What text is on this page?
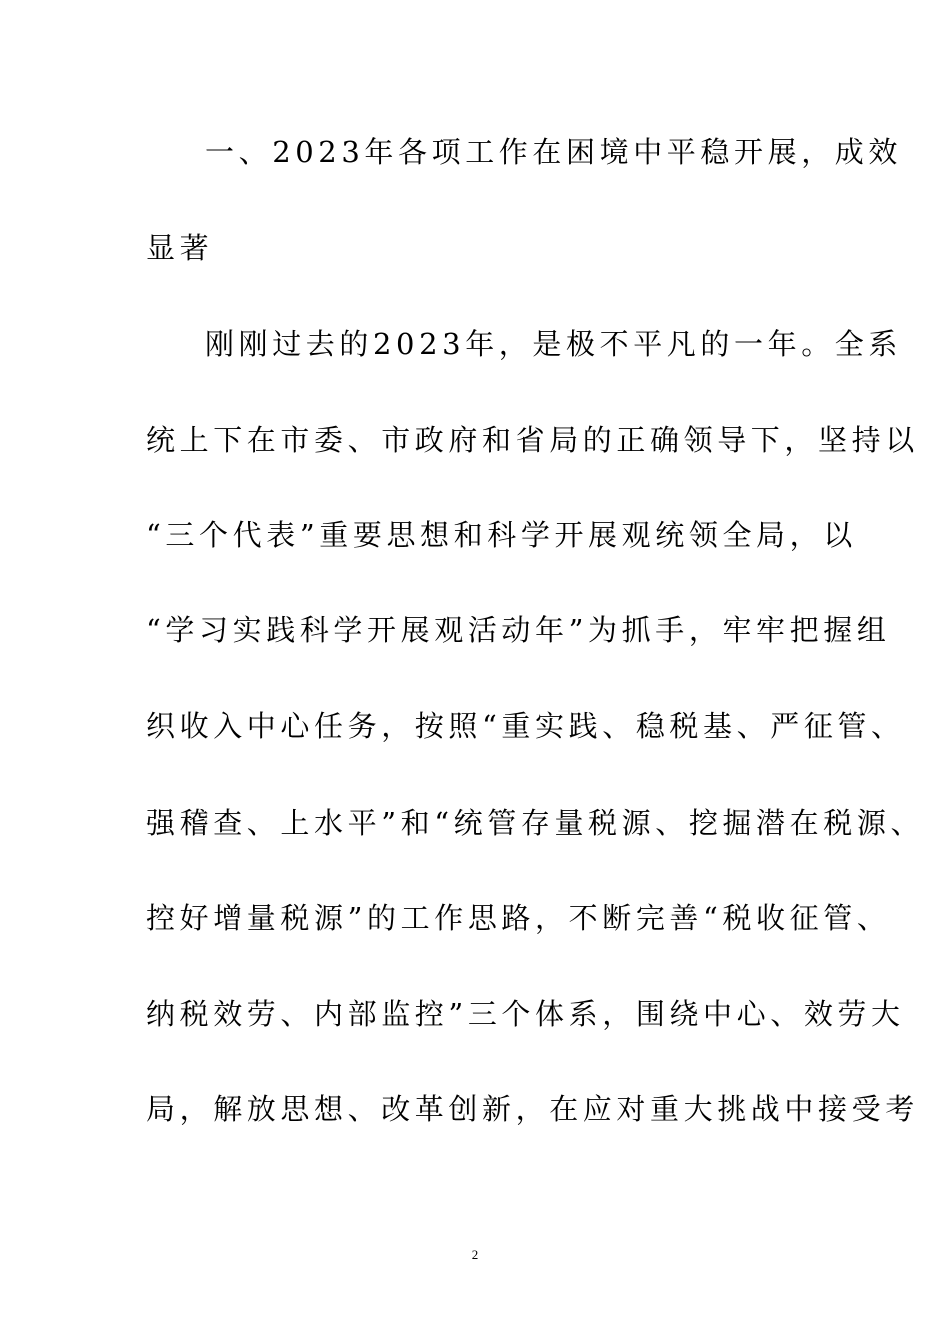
一、2023年各项工作在困境中平稳开展，成效
显著
刚刚过去的2023年，是极不平凡的一年。全系
统上下在市委、市政府和省局的正确领导下，坚持以
“三个代表”重要思想和科学开展观统领全局，以
“学习实践科学开展观活动年”为抓手，牢牢把握组
织收入中心任务，按照“重实践、稳税基、严征管、
强稽查、上水平”和“统管存量税源、挖掘潜在税源、
控好增量税源”的工作思路，不断完善“税收征管、
纳税效劳、内部监控”三个体系，围绕中心、效劳大
局，解放思想、改革创新，在应对重大挑战中接受考
2
